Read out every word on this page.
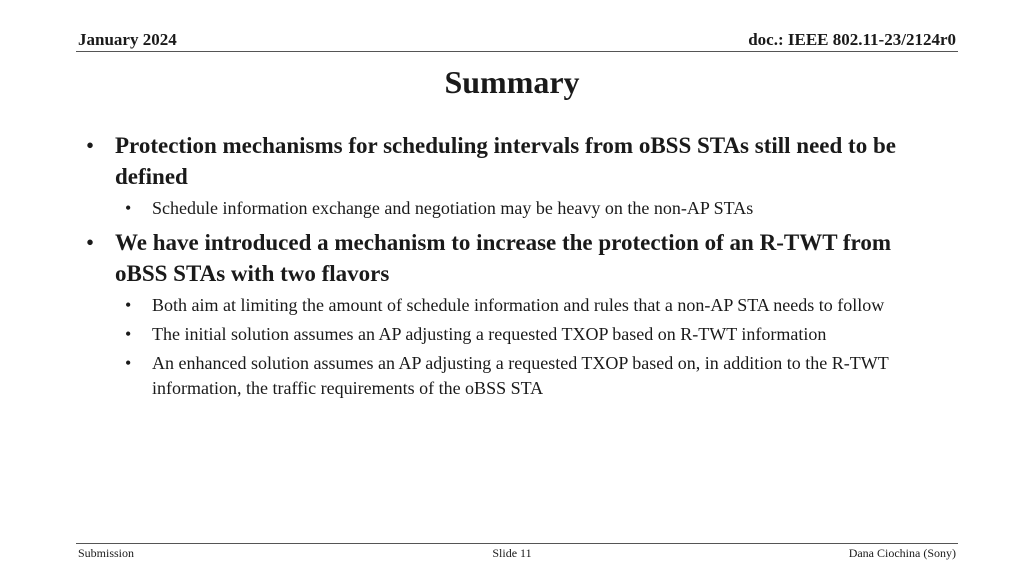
January 2024	doc.: IEEE 802.11-23/2124r0
Summary
• Protection mechanisms for scheduling intervals from oBSS STAs still need to be defined
• Schedule information exchange and negotiation may be heavy on the non-AP STAs
• We have introduced a mechanism to increase the protection of an R-TWT from oBSS STAs with two flavors
• Both aim at limiting the amount of schedule information and rules that a non-AP STA needs to follow
• The initial solution assumes an AP adjusting a requested TXOP based on R-TWT information
• An enhanced solution assumes an AP adjusting a requested TXOP based on, in addition to the R-TWT information, the traffic requirements of the oBSS STA
Submission	Slide 11	Dana Ciochina (Sony)
